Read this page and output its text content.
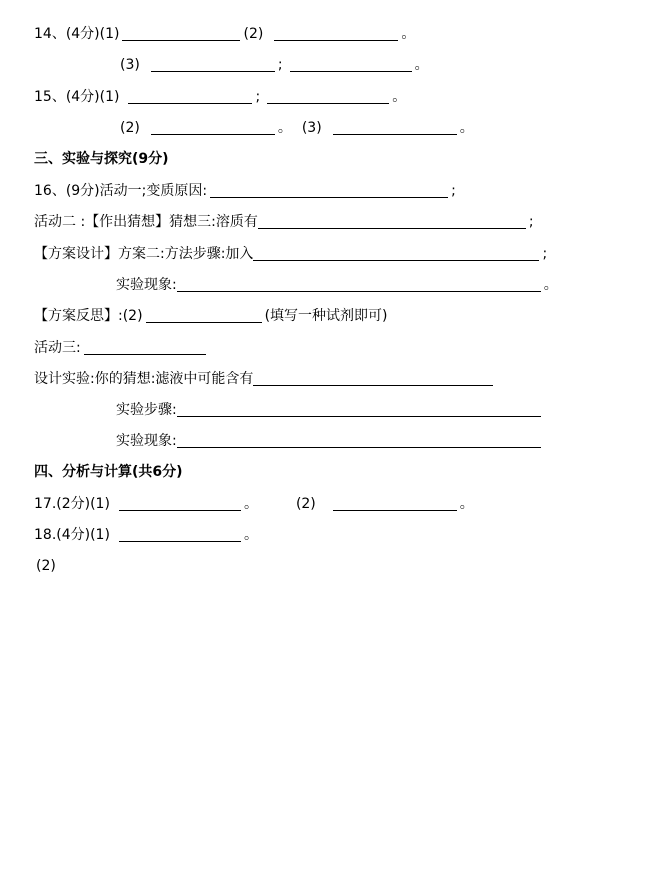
14、(4分)(1)	(2)	。
(3)	;	。
15、(4分)(1)	;	。
(2)	。 (3)	。
三、实验与探究(9分)
16、(9分)活动一;变质原因:	;
活动二 :【作出猜想】猜想三:溶质有	;
【方案设计】方案二:方法步骤:加入	;
实验现象:	。
【方案反思】:(2)	(填写一种试剂即可)
活动三:
设计实验:你的猜想:滤液中可能含有
实验步骤:
实验现象:
四、分析与计算(共6分)
17.(2分)(1)	。	(2)	。
18.(4分)(1)	。
(2)
